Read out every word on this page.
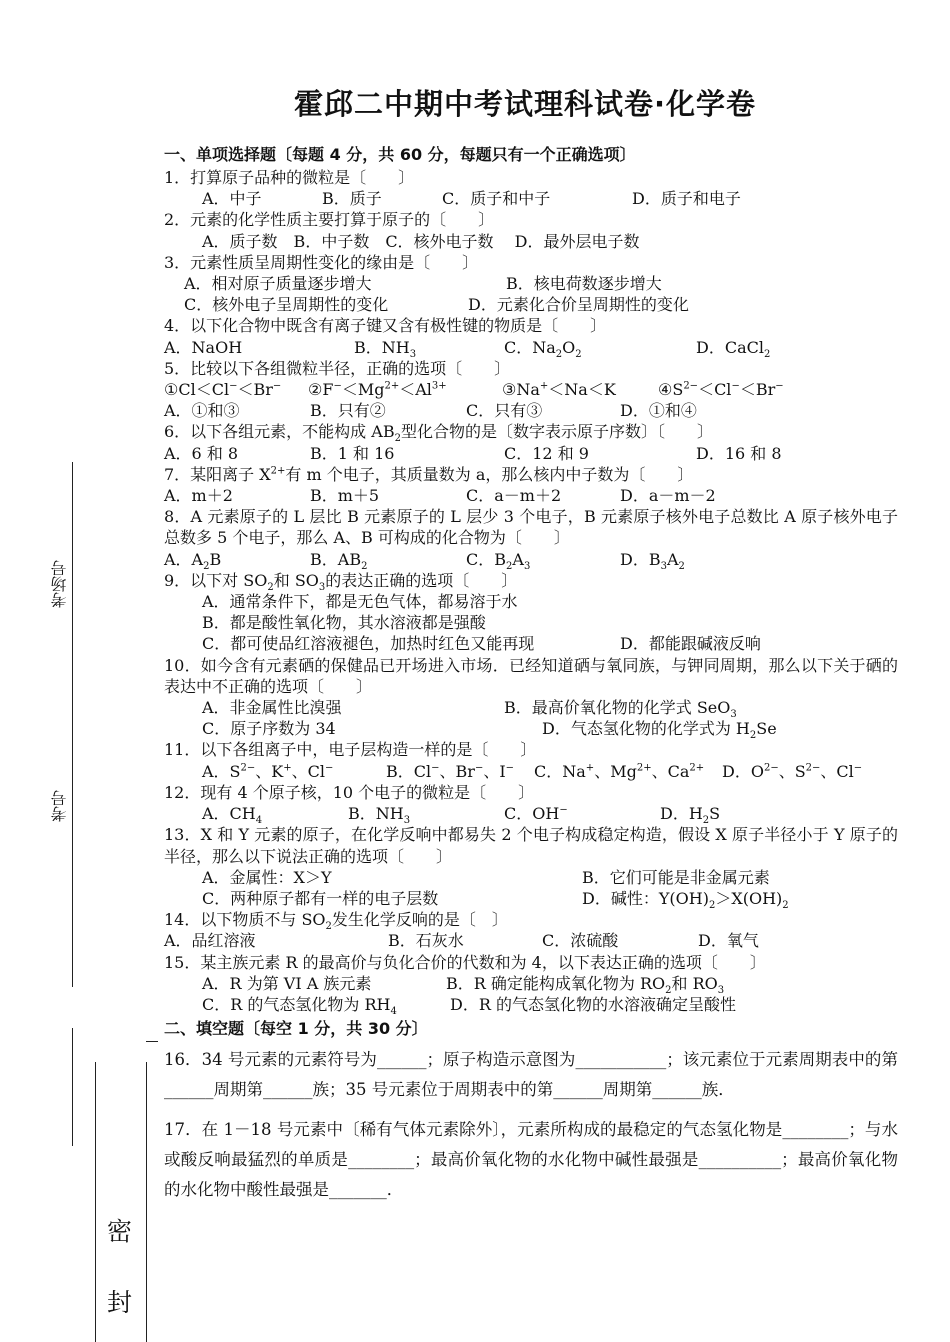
考场号
考号
密
封
霍邱二中期中考试理科试卷·化学卷
一、单项选择题〔每题 4 分，共 60 分，每题只有一个正确选项〕
1．打算原子品种的微粒是〔　　〕
A．中子	B．质子	C．质子和中子	D．质子和电子
2．元素的化学性质主要打算于原子的〔　　〕
A．质子数　B．中子数　C．核外电子数　 D．最外层电子数
3．元素性质呈周期性变化的缘由是〔　　〕
A．相对原子质量逐步增大	B．核电荷数逐步增大
C．核外电子呈周期性的变化	D．元素化合价呈周期性的变化
4．以下化合物中既含有离子键又含有极性键的物质是〔　　〕
A．NaOH	B．$NH_3$	C．$Na_2O_2$	D．CaCl$_2$
5．比较以下各组微粒半径，正确的选项〔　　〕
①Cl＜Cl−＜Br−	$②F^-<Mg^{2+}<Al^{3+}$	③Na+＜Na＜K	$④S^{2-}<Cl^-<Br^-$
A．①和③	B．只有②	C．只有③	D．①和④
6．以下各组元素，不能构成 $AB_2$型化合物的是〔数字表示原子序数〕〔　　〕
A．6 和 8	B．1 和 16	C．12 和 9	D．16 和 8
7．某阳离子 $X^{2+}$有 m 个电子，其质量数为 a，那么核内中子数为〔　　〕
A．m＋2	B．m＋5	C．a－m＋2	D．a－m－2
8．A 元素原子的 L 层比 B 元素原子的 L 层少 3 个电子，B 元素原子核外电子总数比 A 原子核外电子总数多 5 个电子，那么 A、B 可构成的化合物为〔　　〕
A．$A_2B$	B．$AB_2$	C．$B_2A_3$	D．$B_3A_2$
9．以下对 $SO_2$和 $SO_3$的表达正确的选项〔　　〕
A．通常条件下，都是无色气体，都易溶于水
B．都是酸性氧化物，其水溶液都是强酸
C．都可使品红溶液褪色，加热时红色又能再现	D．都能跟碱液反响
10．如今含有元素硒的保健品已开场进入市场．已经知道硒与氧同族，与钾同周期，那么以下关于硒的表达中不正确的选项〔　　〕
A．非金属性比溴强	B．最高价氧化物的化学式 SeO$_3$
C．原子序数为 34	D．气态氢化物的化学式为 $H_2Se$
11．以下各组离子中，电子层构造一样的是〔　　〕
A．$S^{2-}$、K+、Cl−	B．Cl−、Br−、I−	C．Na+、$Mg^{2+}$、$Ca^{2+}$	D．$O^{2-}$、$S^{2-}$、Cl−
12．现有 4 个原子核，10 个电子的微粒是〔　　〕
A．$CH_4$	B．$NH_3$	C．OH−	D．$H_2S$
13．X 和 Y 元素的原子，在化学反响中都易失 2 个电子构成稳定构造，假设 X 原子半径小于 Y 原子的半径，那么以下说法正确的选项〔　　〕
A．金属性：X＞Y	B．它们可能是非金属元素
C．两种原子都有一样的电子层数	D．碱性：$Y(OH)_2>X(OH)_2$
14．以下物质不与 $SO_2$发生化学反响的是〔　〕
A．品红溶液	B．石灰水	C．浓硫酸	D．氧气
15．某主族元素 R 的最高价与负化合价的代数和为 4，以下表达正确的选项〔　　〕
A．R 为第 VI A 族元素	B．R 确定能构成氧化物为 $RO_2$和 $RO_3$
C．R 的气态氢化物为 $RH_4$	D．R 的气态氢化物的水溶液确定呈酸性
二、填空题〔每空 1 分，共 30 分〕
16．34 号元素的元素符号为______；原子构造示意图为___________；该元素位于元素周期表中的第______周期第______族；35 号元素位于周期表中的第______周期第______族．
17．在 1－18 号元素中〔稀有气体元素除外〕，元素所构成的最稳定的气态氢化物是________；与水或酸反响最猛烈的单质是________；最高价氧化物的水化物中碱性最强是__________；最高价氧化物的水化物中酸性最强是_______．
